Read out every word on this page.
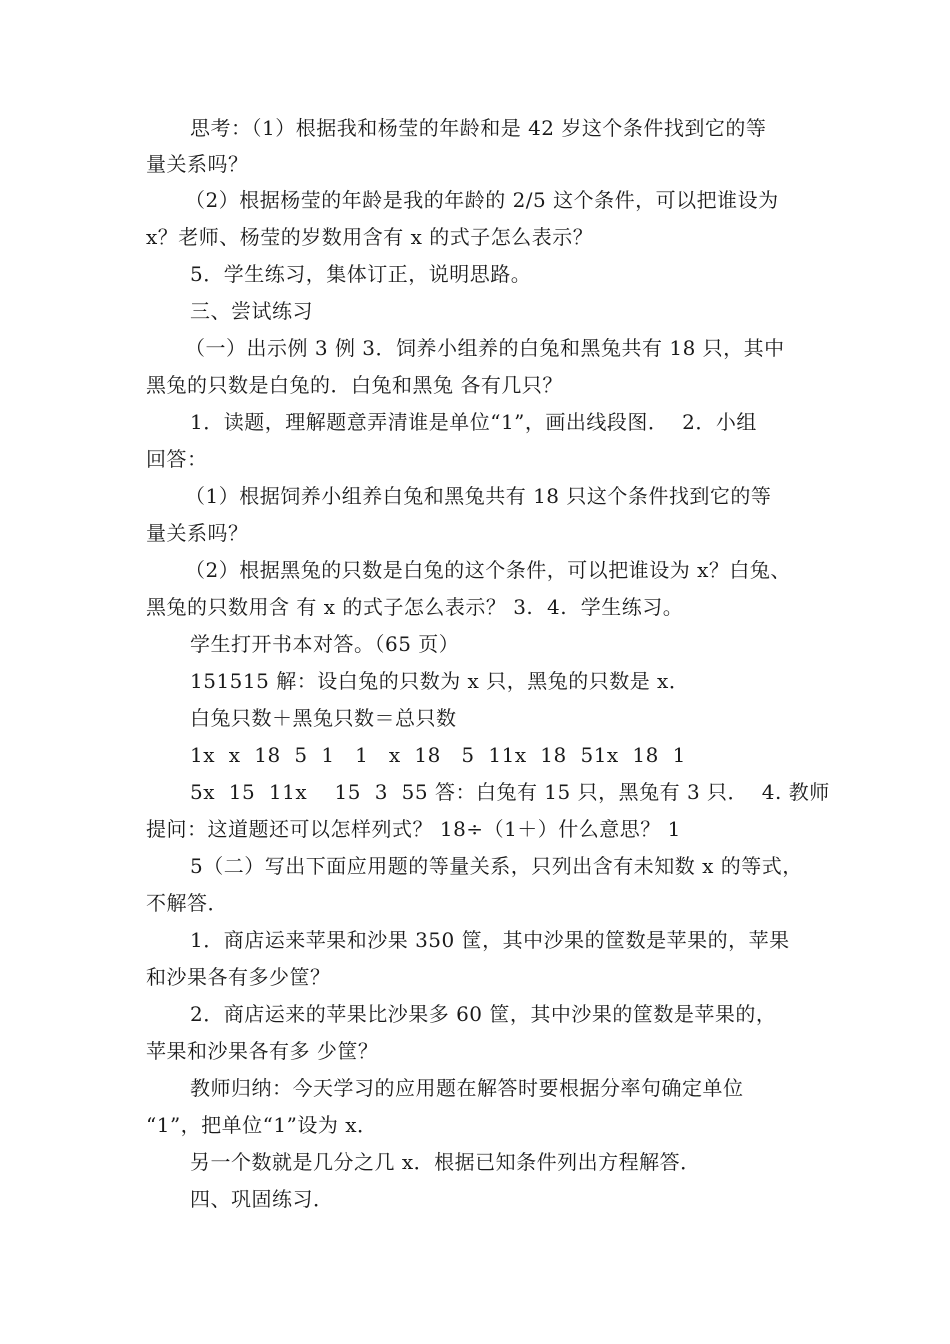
思考：（1）根据我和杨莹的年龄和是 42 岁这个条件找到它的等
量关系吗？
（2）根据杨莹的年龄是我的年龄的 2/5 这个条件，可以把谁设为
x？老师、杨莹的岁数用含有 x 的式子怎么表示？
5．学生练习，集体订正，说明思路。
三、尝试练习
（一）出示例 3 例 3．饲养小组养的白兔和黑兔共有 18 只，其中
黑兔的只数是白兔的．白兔和黑兔 各有几只？
1．读题，理解题意弄清谁是单位“1”，画出线段图．  2．小组
回答：
（1）根据饲养小组养白兔和黑兔共有 18 只这个条件找到它的等
量关系吗？
（2）根据黑兔的只数是白兔的这个条件，可以把谁设为 x？白兔、
黑兔的只数用含 有 x 的式子怎么表示？ 3.  4.  学生练习。
学生打开书本对答。（65 页）
151515 解：设白兔的只数为 x 只，黑兔的只数是 x．
白兔只数＋黑兔只数＝总只数
1x  x  18  5  1   1   x  18   5  11x  18  51x  18  1
5x  15  11x    15  3  55 答：白兔有 15 只，黑兔有 3 只．  4. 教师
提问：这道题还可以怎样列式？ 18÷（1＋）什么意思？ 1
5（二）写出下面应用题的等量关系，只列出含有未知数 x 的等式，
不解答．
1．商店运来苹果和沙果 350 筐，其中沙果的筐数是苹果的，苹果
和沙果各有多少筐？
2．商店运来的苹果比沙果多 60 筐，其中沙果的筐数是苹果的，
苹果和沙果各有多 少筐？
教师归纳：今天学习的应用题在解答时要根据分率句确定单位
“1”，把单位“1”设为 x．
另一个数就是几分之几 x．根据已知条件列出方程解答．
四、巩固练习．
